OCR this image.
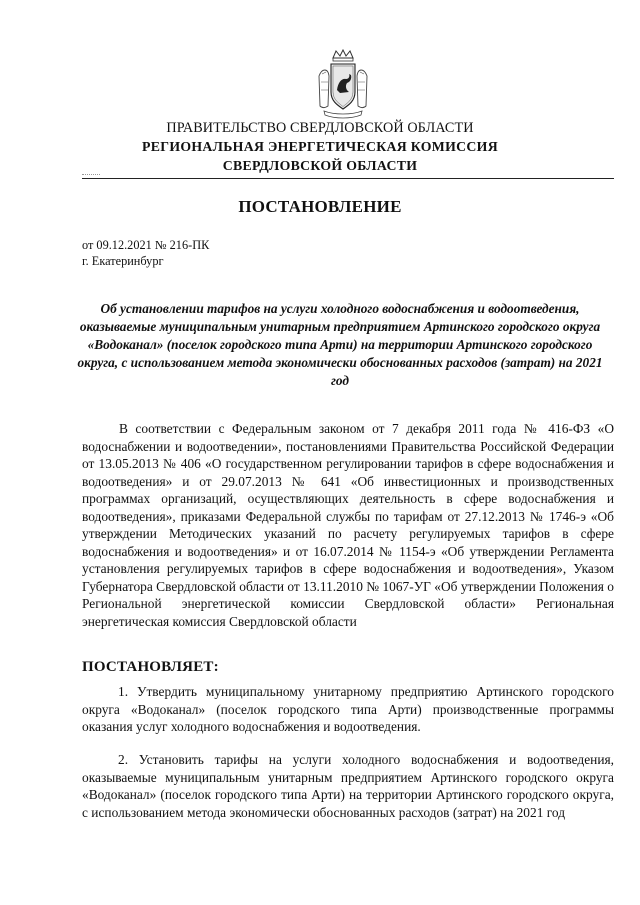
ПРАВИТЕЛЬСТВО СВЕРДЛОВСКОЙ ОБЛАСТИ

РЕГИОНАЛЬНАЯ ЭНЕРГЕТИЧЕСКАЯ КОМИССИЯ

СВЕРДЛОВСКОЙ ОБЛАСТИ

ПОСТАНОВЛЕНИЕ

от 09.12.2021 № 216-ПК

г. Екатеринбург

Об установлении тарифов на услуги холодного водоснабжения и водоотведения, оказываемые муниципальным унитарным предприятием Артинского городского округа «Водоканал» (поселок городского типа Арти) на территории Артинского городского округа, с использованием метода экономически обоснованных расходов (затрат) на 2021 год

В соответствии с Федеральным законом от 7 декабря 2011 года № 416-ФЗ «О водоснабжении и водоотведении», постановлениями Правительства Российской Федерации от 13.05.2013 № 406 «О государственном регулировании тарифов в сфере водоснабжения и водоотведения» и от 29.07.2013 № 641 «Об инвестиционных и производственных программах организаций, осуществляющих деятельность в сфере водоснабжения и водоотведения», приказами Федеральной службы по тарифам от 27.12.2013 № 1746-э «Об утверждении Методических указаний по расчету регулируемых тарифов в сфере водоснабжения и водоотведения» и от 16.07.2014 № 1154-э «Об утверждении Регламента установления регулируемых тарифов в сфере водоснабжения и водоотведения», Указом Губернатора Свердловской области от 13.11.2010 № 1067-УГ «Об утверждении Положения о Региональной энергетической комиссии Свердловской области» Региональная энергетическая комиссия Свердловской области

ПОСТАНОВЛЯЕТ:

1. Утвердить муниципальному унитарному предприятию Артинского городского округа «Водоканал» (поселок городского типа Арти) производственные программы оказания услуг холодного водоснабжения и водоотведения.

2. Установить тарифы на услуги холодного водоснабжения и водоотведения, оказываемые муниципальным унитарным предприятием Артинского городского округа «Водоканал» (поселок городского типа Арти) на территории Артинского городского округа, с использованием метода экономически обоснованных расходов (затрат) на 2021 год
